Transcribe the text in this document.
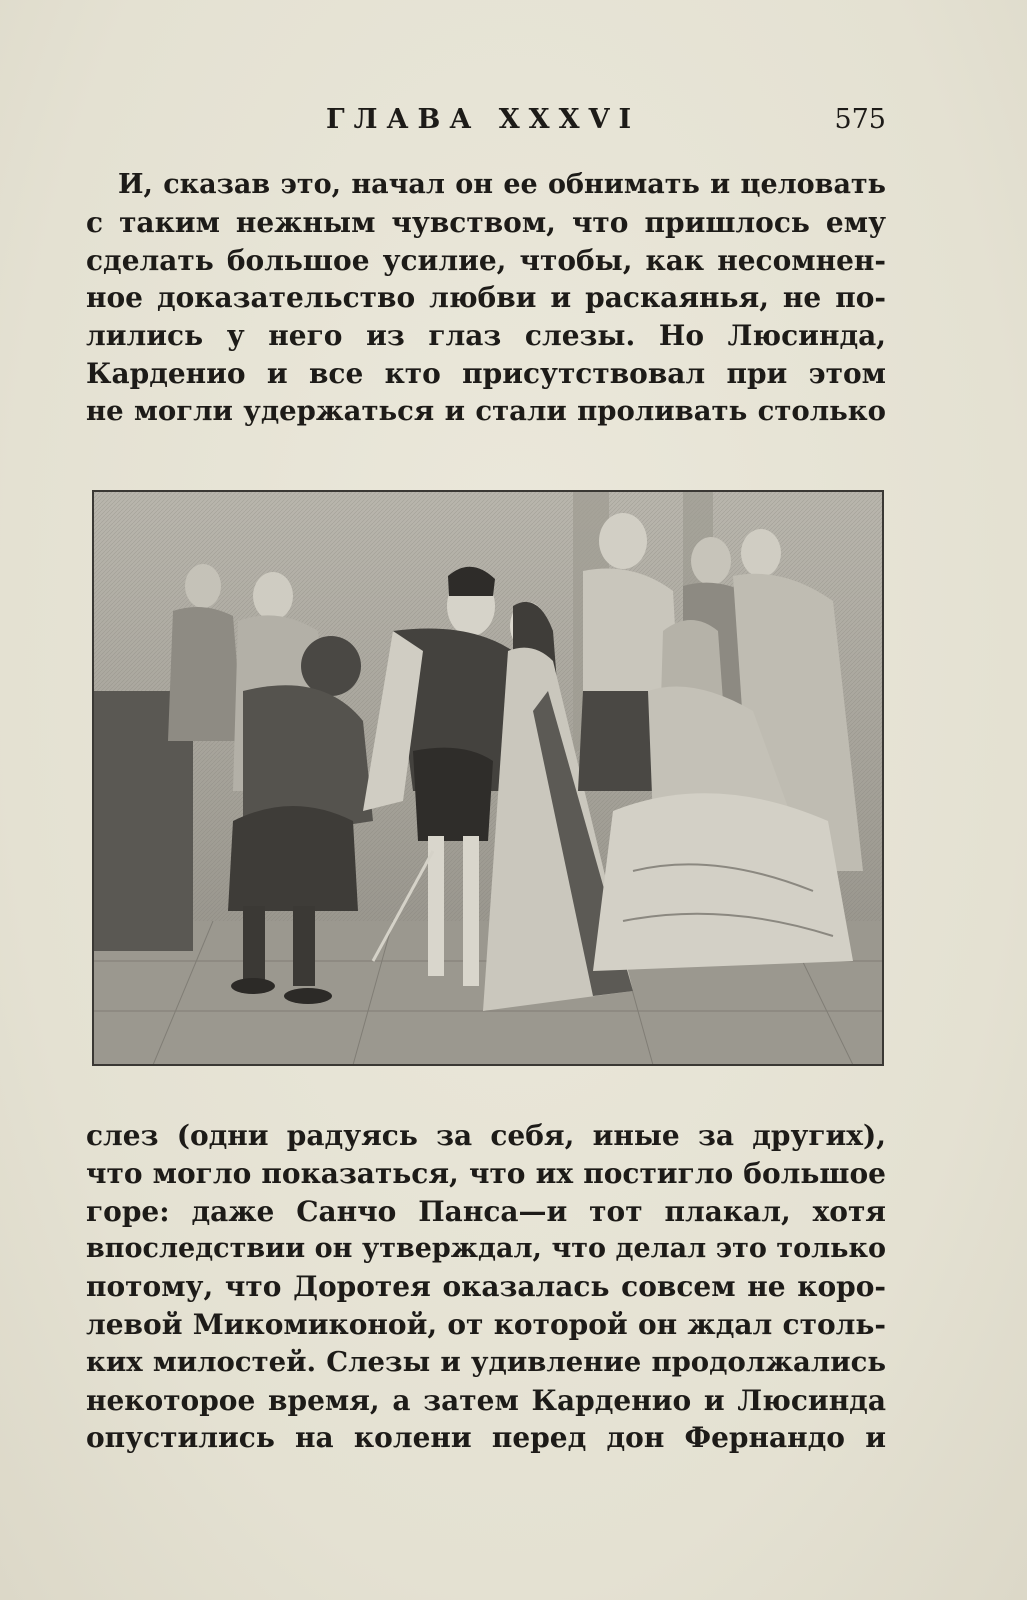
ГЛАВА XXXVI	575
И, сказав это, начал он ее обнимать и целовать
с таким нежным чувством, что пришлось ему
сделать большое усилие, чтобы, как несомнен-
ное доказательство любви и раскаянья, не по-
лились у него из глаз слезы. Но Люсинда,
Карденио и все кто присутствовал при этом
не могли удержаться и стали проливать столько
слез (одни радуясь за себя, иные за других),
что могло показаться, что их постигло большое
горе: даже Санчо Панса—и тот плакал, хотя
впоследствии он утверждал, что делал это только
потому, что Доротея оказалась совсем не коро-
левой Микомиконой, от которой он ждал столь-
ких милостей. Слезы и удивление продолжались
некоторое время, а затем Карденио и Люсинда
опустились на колени перед дон Фернандо и
